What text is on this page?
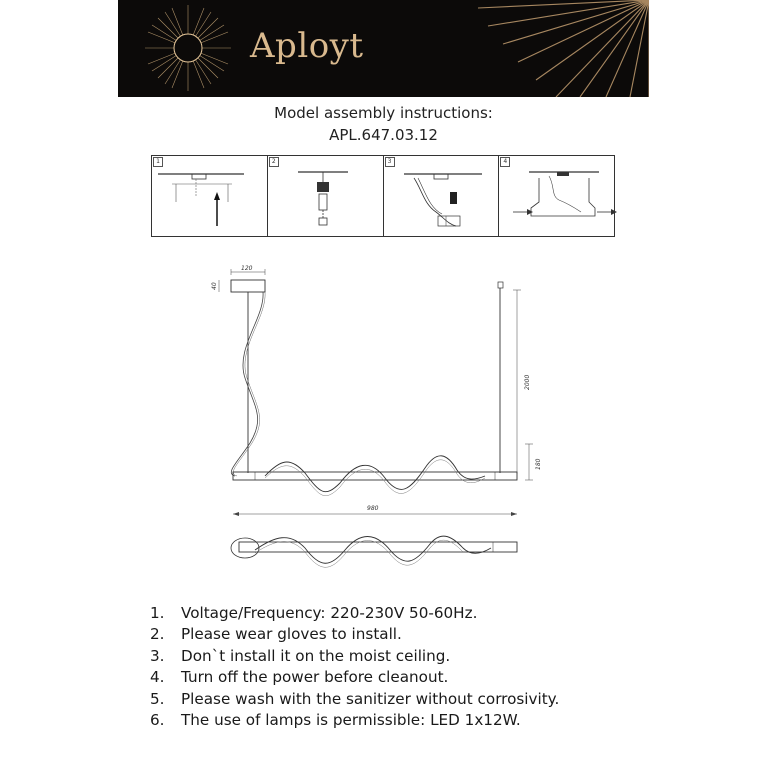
Aployt
Model assembly instructions:
APL.647.03.12
1	2	3	4
120
40
2000
180
980
1.	Voltage/Frequency: 220-230V 50-60Hz.
2.	Please wear gloves to install.
3.	Don`t install it on the moist ceiling.
4.	Turn off the power before cleanout.
5.	Please wash with the sanitizer without corrosivity.
6.	The use of lamps is permissible: LED 1x12W.
